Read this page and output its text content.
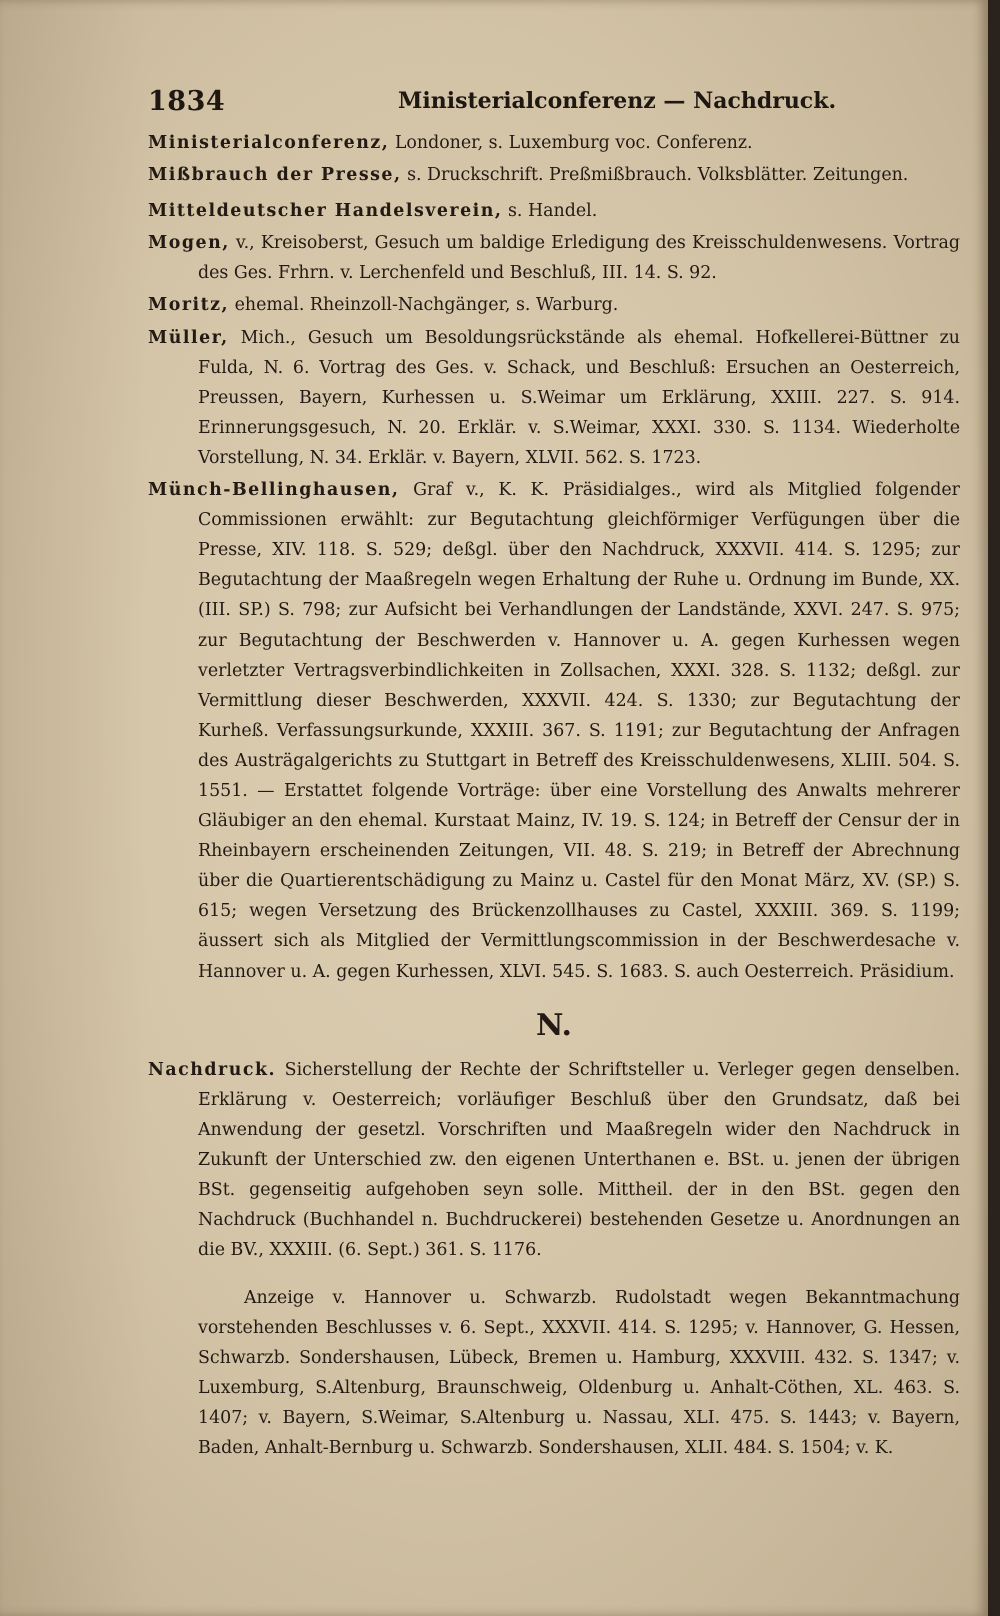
1834	Ministerialconferenz — Nachdruck.

Ministerialconferenz, Londoner, s. Luxemburg voc. Conferenz.

Mißbrauch der Presse, s. Druckschrift. Preßmißbrauch. Volksblätter. Zeitungen.

Mitteldeutscher Handelsverein, s. Handel.

Mogen, v., Kreisoberst, Gesuch um baldige Erledigung des Kreisschuldenwesens. Vortrag des Ges. Frhrn. v. Lerchenfeld und Beschluß, III. 14. S. 92.

Moritz, ehemal. Rheinzoll-Nachgänger, s. Warburg.

Müller, Mich., Gesuch um Besoldungsrückstände als ehemal. Hofkellerei-Büttner zu Fulda, N. 6. Vortrag des Ges. v. Schack, und Beschluß: Ersuchen an Oesterreich, Preussen, Bayern, Kurhessen u. S.Weimar um Erklärung, XXIII. 227. S. 914. Erinnerungsgesuch, N. 20. Erklär. v. S.Weimar, XXXI. 330. S. 1134. Wiederholte Vorstellung, N. 34. Erklär. v. Bayern, XLVII. 562. S. 1723.

Münch-Bellinghausen, Graf v., K. K. Präsidialges., wird als Mitglied folgender Commissionen erwählt: zur Begutachtung gleichförmiger Verfügungen über die Presse, XIV. 118. S. 529; deßgl. über den Nachdruck, XXXVII. 414. S. 1295; zur Begutachtung der Maaßregeln wegen Erhaltung der Ruhe u. Ordnung im Bunde, XX. (III. SP.) S. 798; zur Aufsicht bei Verhandlungen der Landstände, XXVI. 247. S. 975; zur Begutachtung der Beschwerden v. Hannover u. A. gegen Kurhessen wegen verletzter Vertragsverbindlichkeiten in Zollsachen, XXXI. 328. S. 1132; deßgl. zur Vermittlung dieser Beschwerden, XXXVII. 424. S. 1330; zur Begutachtung der Kurheß. Verfassungsurkunde, XXXIII. 367. S. 1191; zur Begutachtung der Anfragen des Austrägalgerichts zu Stuttgart in Betreff des Kreisschuldenwesens, XLIII. 504. S. 1551. — Erstattet folgende Vorträge: über eine Vorstellung des Anwalts mehrerer Gläubiger an den ehemal. Kurstaat Mainz, IV. 19. S. 124; in Betreff der Censur der in Rheinbayern erscheinenden Zeitungen, VII. 48. S. 219; in Betreff der Abrechnung über die Quartierentschädigung zu Mainz u. Castel für den Monat März, XV. (SP.) S. 615; wegen Versetzung des Brückenzollhauses zu Castel, XXXIII. 369. S. 1199; äussert sich als Mitglied der Vermittlungscommission in der Beschwerdesache v. Hannover u. A. gegen Kurhessen, XLVI. 545. S. 1683. S. auch Oesterreich. Präsidium.

N.

Nachdruck. Sicherstellung der Rechte der Schriftsteller u. Verleger gegen denselben. Erklärung v. Oesterreich; vorläufiger Beschluß über den Grundsatz, daß bei Anwendung der gesetzl. Vorschriften und Maaßregeln wider den Nachdruck in Zukunft der Unterschied zw. den eigenen Unterthanen e. BSt. u. jenen der übrigen BSt. gegenseitig aufgehoben seyn solle. Mittheil. der in den BSt. gegen den Nachdruck (Buchhandel n. Buchdruckerei) bestehenden Gesetze u. Anordnungen an die BV., XXXIII. (6. Sept.) 361. S. 1176.

Anzeige v. Hannover u. Schwarzb. Rudolstadt wegen Bekanntmachung vorstehenden Beschlusses v. 6. Sept., XXXVII. 414. S. 1295; v. Hannover, G. Hessen, Schwarzb. Sondershausen, Lübeck, Bremen u. Hamburg, XXXVIII. 432. S. 1347; v. Luxemburg, S.Altenburg, Braunschweig, Oldenburg u. Anhalt-Cöthen, XL. 463. S. 1407; v. Bayern, S.Weimar, S.Altenburg u. Nassau, XLI. 475. S. 1443; v. Bayern, Baden, Anhalt-Bernburg u. Schwarzb. Sondershausen, XLII. 484. S. 1504; v. K.
